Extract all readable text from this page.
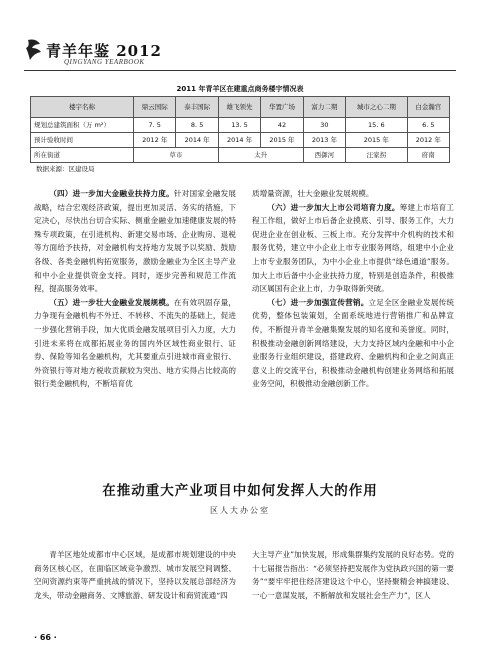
青羊年鉴 2012
QINGYANG YEARBOOK
2011 年青羊区在建重点商务楼宇情况表
楼宇名称	鼎云国际	泰丰国际	雄飞领先	华置广场	富力二期	城市之心二期	白金瀚宫
规划总建筑面积（万 m²）	7. 5	8. 5	13. 5	42	30	15. 6	6. 5
预计验收时间	2012 年	2014 年	2014 年	2015 年	2013 年	2015 年	2012 年
所在街道	草市		太升		西御河	汪家拐	府南
数据来源：区建设局

（四）进一步加大金融业扶持力度。针对国家金融发展战略，结合宏观经济政策，提出更加灵活、务实的措施，下定决心，尽快出台切合实际、侧重金融业加速健康发展的特殊专项政策，在引进机构、新建交易市场、企业购房、退税等方面给予扶持，对金融机构支持地方发展予以奖励、鼓励各级、各类金融机构拓宽服务，激励金融业为全区主导产业和中小企业提供资金支持。同时，逐步完善和规范工作流程，提高服务效率。

（五）进一步壮大金融业发展规模。在有效巩固存量，力争现有金融机构不外迁、不转移、不流失的基础上，促进一步强化营销手段，加大优质金融发展项目引入力度，大力引进未来将在成都拓展业务的国内外区域性商业银行、证券、保险等知名金融机构，尤其要重点引进城市商业银行、外资银行等对地方税收贡献较为突出、地方实得占比较高的银行类金融机构，不断培育优

质增量资源，壮大金融业发展规模。

（六）进一步加大上市公司培育力度。筹建上市培育工程工作组，做好上市后备企业摸底、引导、服务工作，大力促进企业在创业板、三板上市。充分发挥中介机构的技术和服务优势，建立中小企业上市专业服务网络，组建中小企业上市专业服务团队，为中小企业上市提供“绿色通道”服务。加大上市后备中小企业扶持力度，特别是创造条件，积极推动区属国有企业上市，力争取得新突破。

（七）进一步加强宣传营销。立足全区金融业发展传统优势，整体包装策划，全面系统地进行营销推广和品牌宣传，不断提升青羊金融集聚发展的知名度和美誉度。同时，积极推动金融创新网络建设，大力支持区域内金融和中小企业服务行业组织建设，搭建政府、金融机构和企业之间真正意义上的交流平台，积极推动金融机构创建业务网络和拓展业务空间，积极推动金融创新工作。

在推动重大产业项目中如何发挥人大的作用
区人大办公室

青羊区地处成都市中心区域，是成都市规划建设的中央商务区核心区，在面临区域竞争激烈、城市发展空间调整、空间资源约束等严重挑战的情况下，坚持以发展总部经济为龙头，带动金融商务、文博旅游、研发设计和商贸流通“四

大主导产业”加快发展，形成集群集约发展的良好态势。党的十七届报告指出：“必须坚持把发展作为党执政兴国的第一要务”“要牢牢把住经济建设这个中心，坚持聚精会神搞建设、一心一意谋发展，不断解放和发展社会生产力”，区人

· 66 ·
